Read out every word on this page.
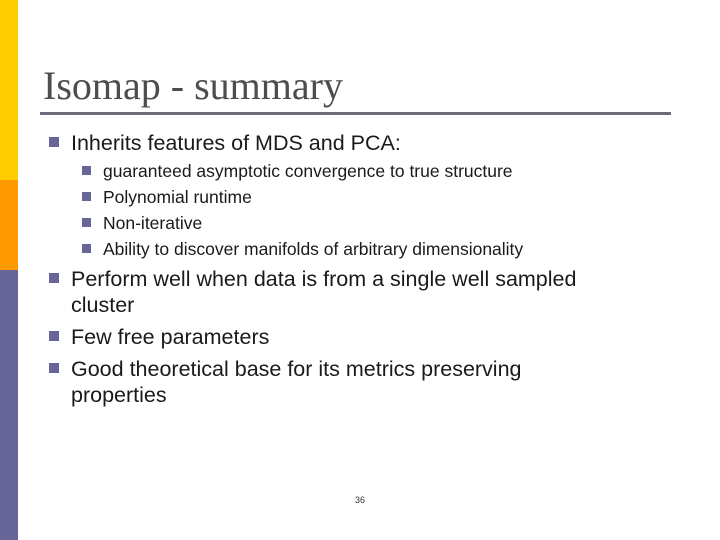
Isomap - summary
Inherits features of MDS and PCA:
guaranteed asymptotic convergence to true structure
Polynomial runtime
Non-iterative
Ability to discover manifolds of arbitrary dimensionality
Perform well when data is from a single well sampled
cluster
Few free parameters
Good theoretical base for its metrics preserving
properties
36
